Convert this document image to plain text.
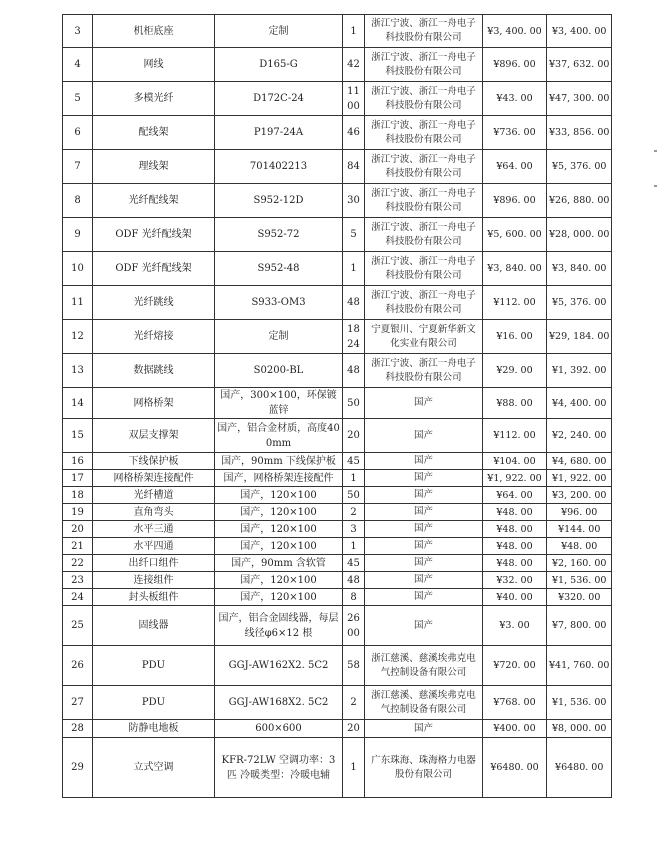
3	机柜底座	定制	1	浙江宁波、浙江一舟电子科技股份有限公司	¥3, 400. 00	¥3, 400. 00
4	网线	D165-G	42	浙江宁波、浙江一舟电子科技股份有限公司	¥896. 00	¥37, 632. 00
5	多模光纤	D172C-24	1100	浙江宁波、浙江一舟电子科技股份有限公司	¥43. 00	¥47, 300. 00
6	配线架	P197-24A	46	浙江宁波、浙江一舟电子科技股份有限公司	¥736. 00	¥33, 856. 00
7	理线架	701402213	84	浙江宁波、浙江一舟电子科技股份有限公司	¥64. 00	¥5, 376. 00
8	光纤配线架	S952-12D	30	浙江宁波、浙江一舟电子科技股份有限公司	¥896. 00	¥26, 880. 00
9	ODF 光纤配线架	S952-72	5	浙江宁波、浙江一舟电子科技股份有限公司	¥5, 600. 00	¥28, 000. 00
10	ODF 光纤配线架	S952-48	1	浙江宁波、浙江一舟电子科技股份有限公司	¥3, 840. 00	¥3, 840. 00
11	光纤跳线	S933-OM3	48	浙江宁波、浙江一舟电子科技股份有限公司	¥112. 00	¥5, 376. 00
12	光纤熔接	定制	1824	宁夏银川、宁夏新华新文化实业有限公司	¥16. 00	¥29, 184. 00
13	数据跳线	S0200-BL	48	浙江宁波、浙江一舟电子科技股份有限公司	¥29. 00	¥1, 392. 00
14	网格桥架	国产，300×100，环保镀蓝锌	50	国产	¥88. 00	¥4, 400. 00
15	双层支撑架	国产，铝合金材质，高度400mm	20	国产	¥112. 00	¥2, 240. 00
16	下线保护板	国产，90mm 下线保护板	45	国产	¥104. 00	¥4, 680. 00
17	网格桥架连接配件	国产，网格桥架连接配件	1	国产	¥1, 922. 00	¥1, 922. 00
18	光纤槽道	国产，120×100	50	国产	¥64. 00	¥3, 200. 00
19	直角弯头	国产，120×100	2	国产	¥48. 00	¥96. 00
20	水平三通	国产，120×100	3	国产	¥48. 00	¥144. 00
21	水平四通	国产，120×100	1	国产	¥48. 00	¥48. 00
22	出纤口组件	国产，90mm 含软管	45	国产	¥48. 00	¥2, 160. 00
23	连接组件	国产，120×100	48	国产	¥32. 00	¥1, 536. 00
24	封头板组件	国产，120×100	8	国产	¥40. 00	¥320. 00
25	固线器	国产，铝合金固线器，每层线径φ6×12 根	2600	国产	¥3. 00	¥7, 800. 00
26	PDU	GGJ-AW162X2. 5C2	58	浙江慈溪、慈溪埃弗克电气控制设备有限公司	¥720. 00	¥41, 760. 00
27	PDU	GGJ-AW168X2. 5C2	2	浙江慈溪、慈溪埃弗克电气控制设备有限公司	¥768. 00	¥1, 536. 00
28	防静电地板	600×600	20	国产	¥400. 00	¥8, 000. 00
29	立式空调	KFR-72LW 空调功率：3 匹 冷暖类型：冷暖电辅	1	广东珠海、珠海格力电器股份有限公司	¥6480. 00	¥6480. 00
